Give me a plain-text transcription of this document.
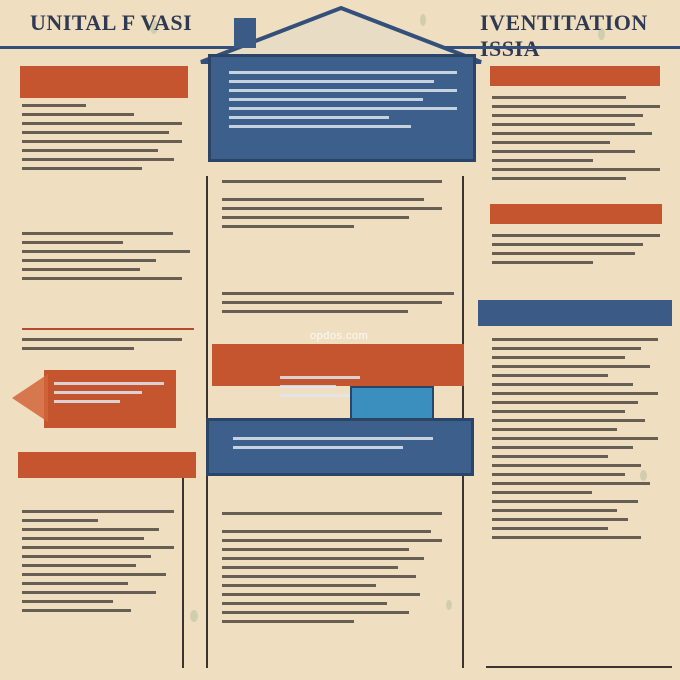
UNITAL F VASI	IVENTITATION
opdos.com
